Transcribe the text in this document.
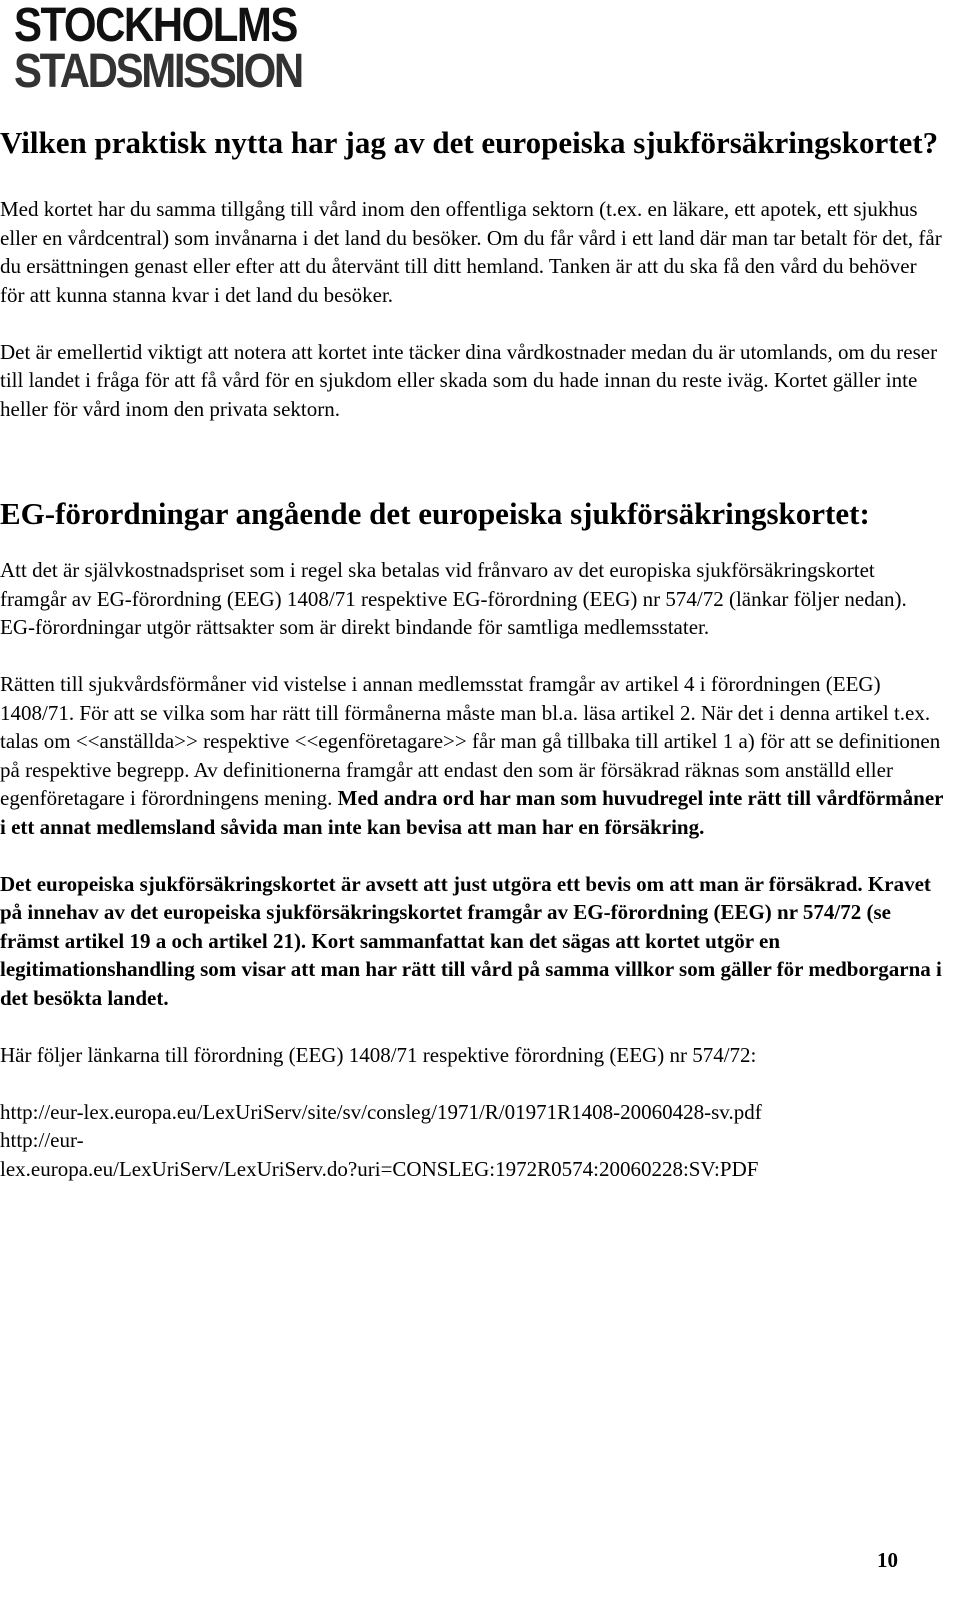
STOCKHOLMS
STADSMISSION
Vilken praktisk nytta har jag av det europeiska sjukförsäkringskortet?

Med kortet har du samma tillgång till vård inom den offentliga sektorn (t.ex. en läkare, ett apotek, ett sjukhus eller en vårdcentral) som invånarna i det land du besöker. Om du får vård i ett land där man tar betalt för det, får du ersättningen genast eller efter att du återvänt till ditt hemland. Tanken är att du ska få den vård du behöver för att kunna stanna kvar i det land du besöker.

Det är emellertid viktigt att notera att kortet inte täcker dina vårdkostnader medan du är utomlands, om du reser till landet i fråga för att få vård för en sjukdom eller skada som du hade innan du reste iväg. Kortet gäller inte heller för vård inom den privata sektorn.

EG-förordningar angående det europeiska sjukförsäkringskortet:

Att det är självkostnadspriset som i regel ska betalas vid frånvaro av det europiska sjukförsäkringskortet framgår av EG-förordning (EEG) 1408/71 respektive EG-förordning (EEG) nr 574/72 (länkar följer nedan). EG-förordningar utgör rättsakter som är direkt bindande för samtliga medlemsstater.

Rätten till sjukvårdsförmåner vid vistelse i annan medlemsstat framgår av artikel 4 i förordningen (EEG) 1408/71. För att se vilka som har rätt till förmånerna måste man bl.a. läsa artikel 2. När det i denna artikel t.ex. talas om <<anställda>> respektive <<egenföretagare>> får man gå tillbaka till artikel 1 a) för att se definitionen på respektive begrepp. Av definitionerna framgår att endast den som är försäkrad räknas som anställd eller egenföretagare i förordningens mening. Med andra ord har man som huvudregel inte rätt till vårdförmåner i ett annat medlemsland såvida man inte kan bevisa att man har en försäkring.

Det europeiska sjukförsäkringskortet är avsett att just utgöra ett bevis om att man är försäkrad. Kravet på innehav av det europeiska sjukförsäkringskortet framgår av EG-förordning (EEG) nr 574/72 (se främst artikel 19 a och artikel 21). Kort sammanfattat kan det sägas att kortet utgör en legitimationshandling som visar att man har rätt till vård på samma villkor som gäller för medborgarna i det besökta landet.

Här följer länkarna till förordning (EEG) 1408/71 respektive förordning (EEG) nr 574/72:

http://eur-lex.europa.eu/LexUriServ/site/sv/consleg/1971/R/01971R1408-20060428-sv.pdf

http://eur-
lex.europa.eu/LexUriServ/LexUriServ.do?uri=CONSLEG:1972R0574:20060228:SV:PDF

10
